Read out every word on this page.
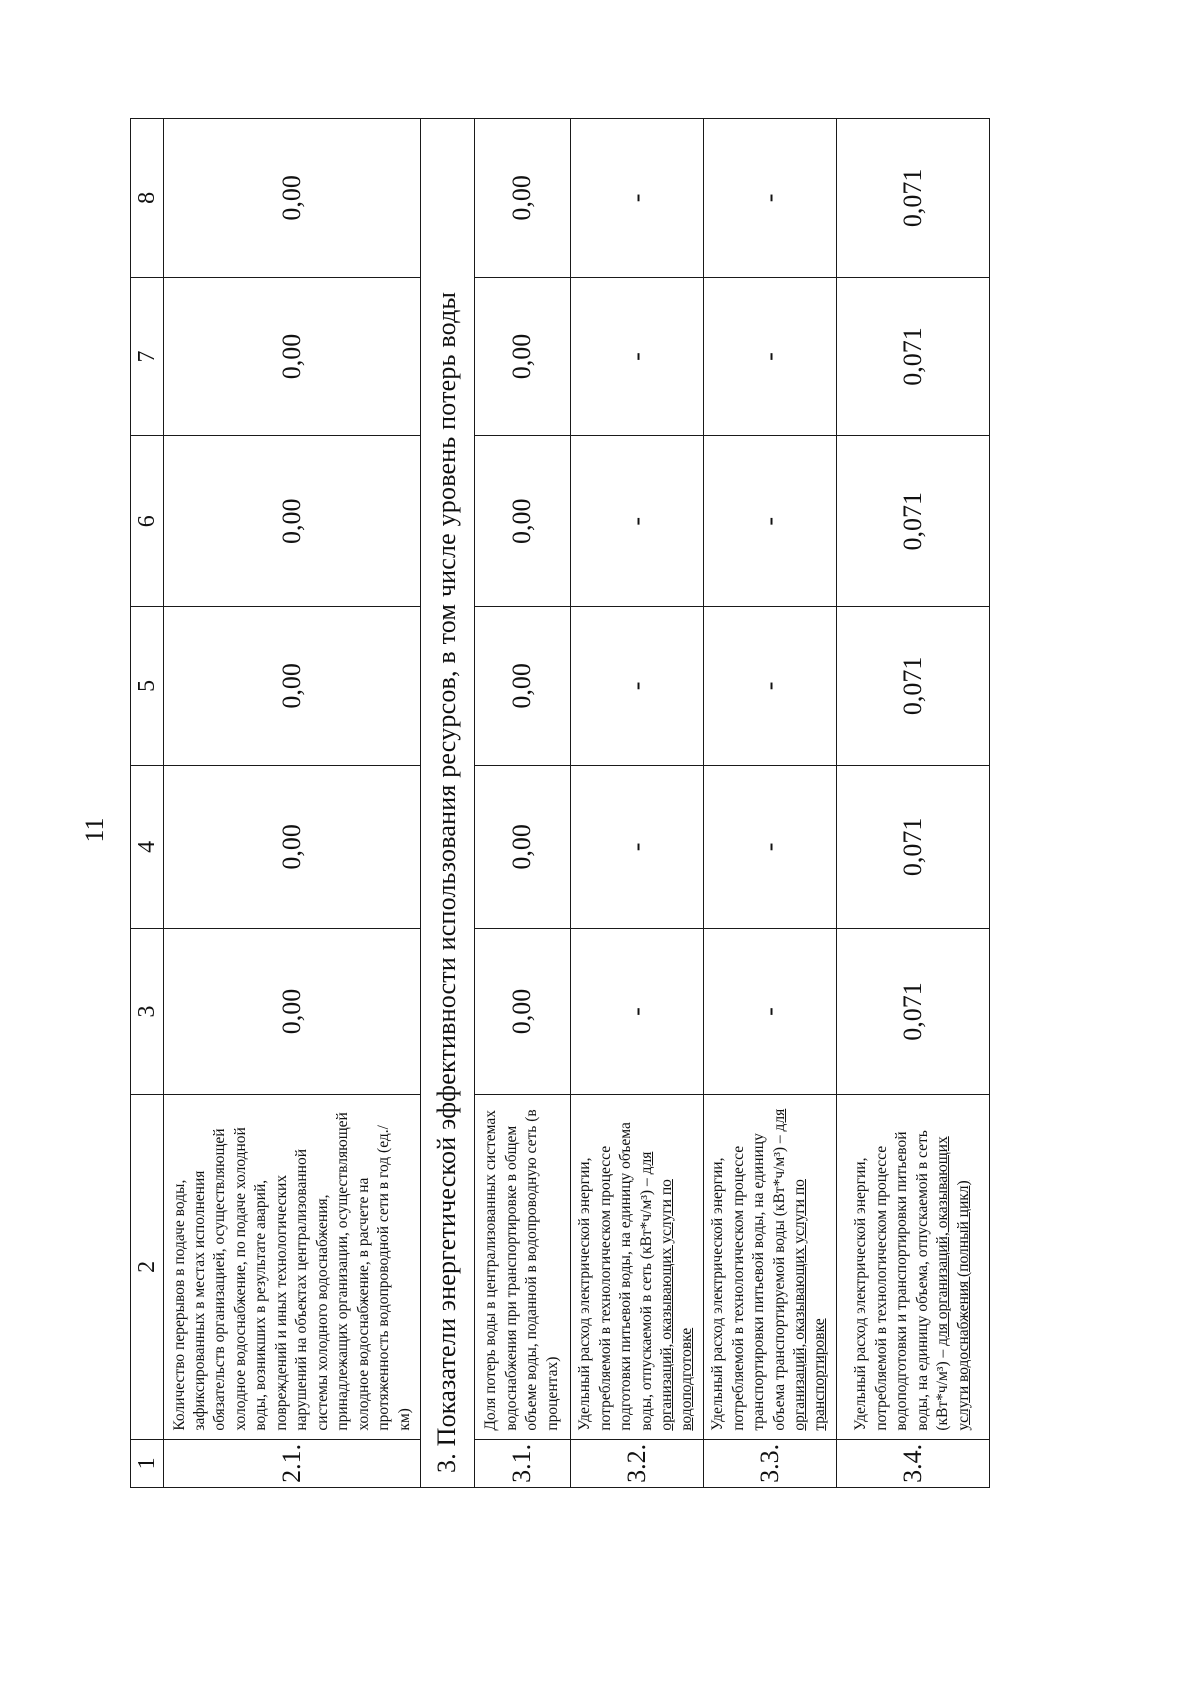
11
1	2	3	4	5	6	7	8
2.1.	Количество перерывов в подаче воды, зафиксированных в местах исполнения обязательств организацией, осуществляющей холодное водоснабжение, по подаче холодной воды, возникших в результате аварий, повреждений и иных технологических нарушений на объектах централизованной системы холодного водоснабжения, принадлежащих организации, осуществляющей холодное водоснабжение, в расчете на протяженность водопроводной сети в год (ед./км)	0,00	0,00	0,00	0,00	0,00	0,00
3. Показатели энергетической эффективности использования ресурсов, в том числе уровень потерь воды							
3.1.	Доля потерь воды в централизованных системах водоснабжения при транспортировке в общем объеме воды, поданной в водопроводную сеть (в процентах)	0,00	0,00	0,00	0,00	0,00	0,00
3.2.	Удельный расход электрической энергии, потребляемой в технологическом процессе подготовки питьевой воды, на единицу объема воды, отпускаемой в сеть (кВт*ч/м³) – для организаций, оказывающих услуги по водоподготовке	-	-	-	-	-	-
3.3.	Удельный расход электрической энергии, потребляемой в технологическом процессе транспортировки питьевой воды, на единицу объема транспортируемой воды (кВт*ч/м³) – для организаций, оказывающих услуги по транспортировке	-	-	-	-	-	-
3.4.	Удельный расход электрической энергии, потребляемой в технологическом процессе водоподготовки и транспортировки питьевой воды, на единицу объема, отпускаемой в сеть (кВт*ч/м³) – для организаций, оказывающих услуги водоснабжения (полный цикл)	0,071	0,071	0,071	0,071	0,071	0,071
